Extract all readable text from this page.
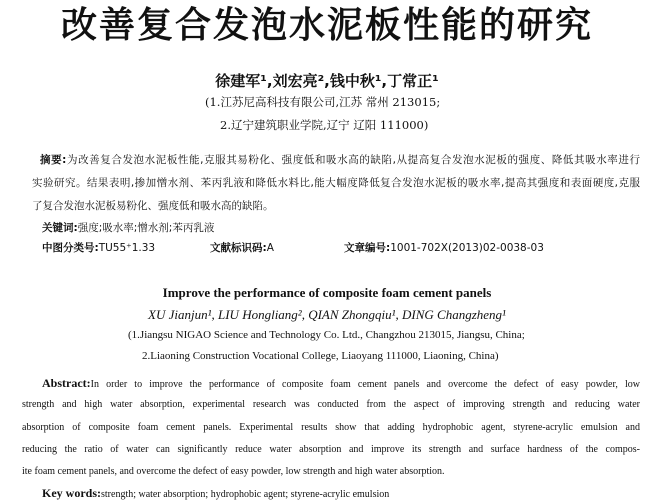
改善复合发泡水泥板性能的研究
徐建军¹,刘宏亮²,钱中秋¹,丁常正¹
(1.江苏尼高科技有限公司,江苏 常州 213015;
2.辽宁建筑职业学院,辽宁 辽阳 111000)
摘要:为改善复合发泡水泥板性能,克服其易粉化、强度低和吸水高的缺陷,从提高复合发泡水泥板的强度、降低其吸水率进行
实验研究。结果表明,掺加憎水剂、苯丙乳液和降低水料比,能大幅度降低复合发泡水泥板的吸水率,提高其强度和表面硬度,克服
了复合发泡水泥板易粉化、强度低和吸水高的缺陷。
关键词:强度;吸水率;憎水剂;苯丙乳液
中图分类号:TU55⁺1.33	文献标识码:A	文章编号:1001-702X(2013)02-0038-03
Improve the performance of composite foam cement panels
XU Jianjun¹, LIU Hongliang², QIAN Zhongqiu¹, DING Changzheng¹
(1.Jiangsu NIGAO Science and Technology Co. Ltd., Changzhou 213015, Jiangsu, China;
2.Liaoning Construction Vocational College, Liaoyang 111000, Liaoning, China)
Abstract:In order to improve the performance of composite foam cement panels and overcome the defect of easy powder, low
strength and high water absorption, experimental research was conducted from the aspect of improving strength and reducing water
absorption of composite foam cement panels. Experimental results show that adding hydrophobic agent, styrene-acrylic emulsion and
reducing the ratio of water can significantly reduce water absorption and improve its strength and surface hardness of the compos-
ite foam cement panels, and overcome the defect of easy powder, low strength and high water absorption.
Key words:strength; water absorption; hydrophobic agent; styrene-acrylic emulsion
